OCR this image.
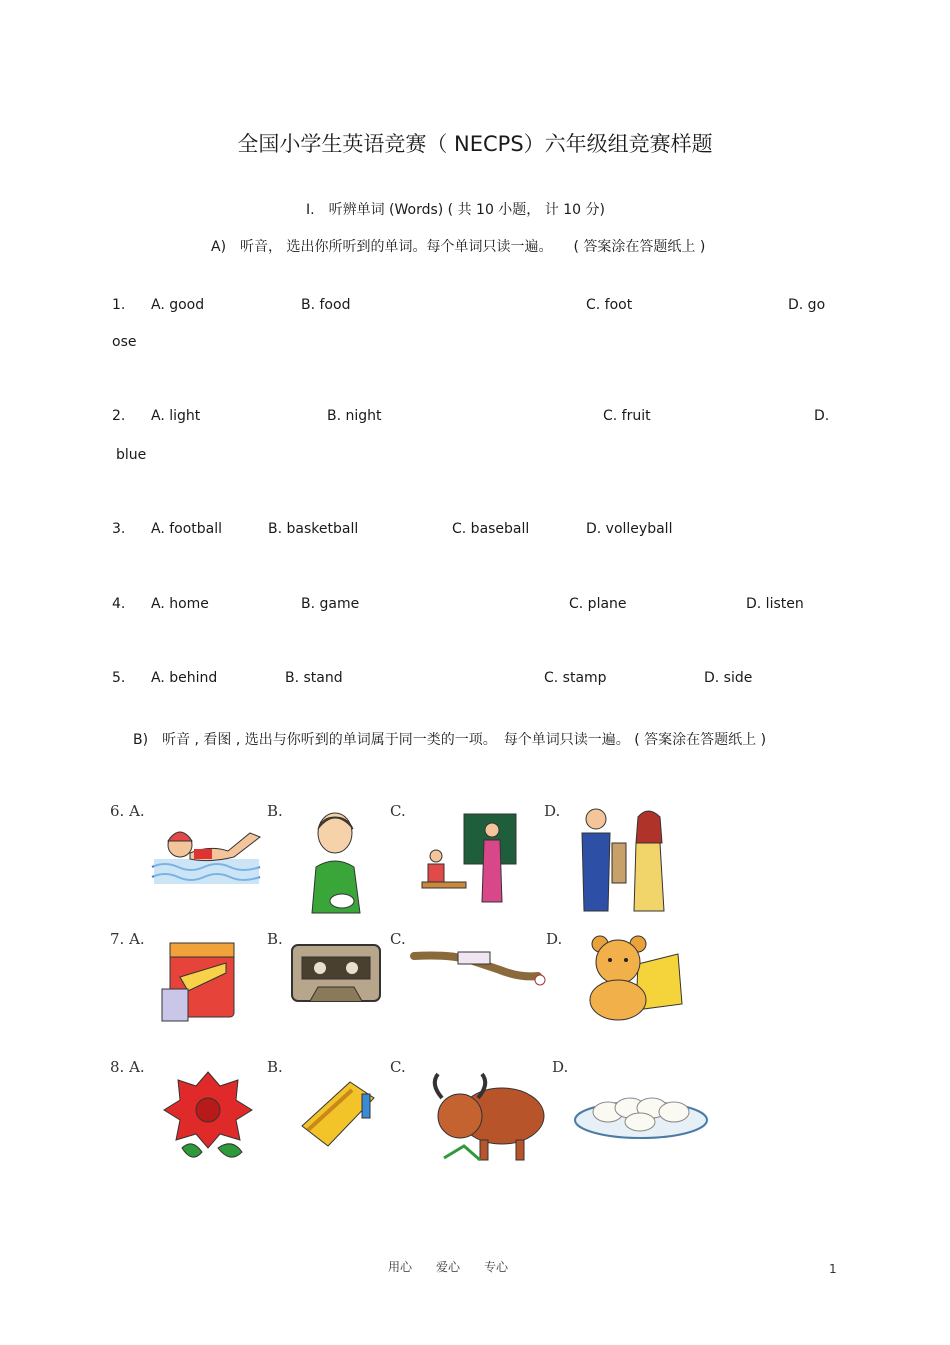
全国小学生英语竞赛（ NECPS）六年级组竞赛样题
I.　听辨单词 (Words) ( 共 10 小题， 计 10 分)
A)　听音， 选出你所听到的单词。每个单词只读一遍。　　( 答案涂在答题纸上 )
1. A. good	B. food	C. foot	D. go
ose
2. A. light	B. night	C. fruit	D.
blue
3. A. football	B. basketball	C. baseball	D. volleyball
4. A. home	B. game	C. plane	D. listen
5. A. behind	B. stand	C. stamp	D. side
B)　听音 , 看图 , 选出与你听到的单词属于同一类的一项。　每个单词只读一遍。 ( 答案涂在答题纸上 )
6. A.	B.	C.	D.
7. A.	B.	C.	D.
8. A.	B.	C.	D.
用心　　爱心　　专心	1
